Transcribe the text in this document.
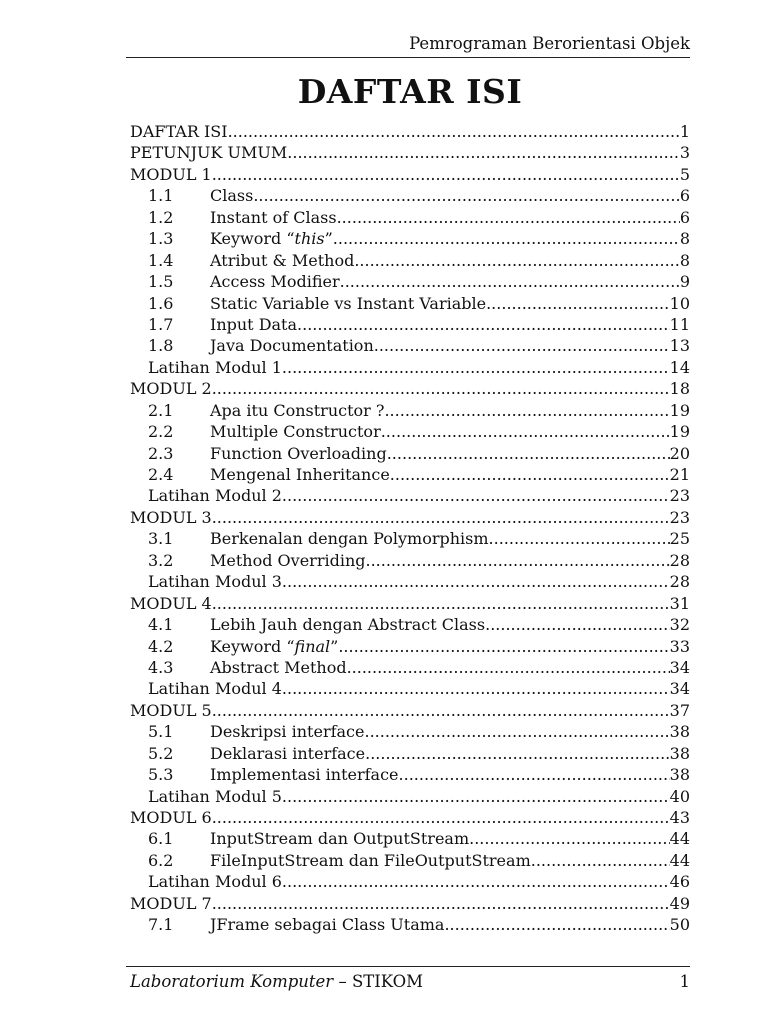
Pemrograman Berorientasi Objek
DAFTAR ISI
DAFTAR ISI .....	1
PETUNJUK UMUM .....	3
MODUL 1 .....	5
1.1	Class .....	6
1.2	Instant of Class .....	6
1.3	Keyword “this” .....	8
1.4	Atribut & Method .....	8
1.5	Access Modifier .....	9
1.6	Static Variable vs Instant Variable .....	10
1.7	Input Data .....	11
1.8	Java Documentation .....	13
Latihan Modul 1 .....	14
MODUL 2 .....	18
2.1	Apa itu Constructor ? .....	19
2.2	Multiple Constructor .....	19
2.3	Function Overloading .....	20
2.4	Mengenal Inheritance .....	21
Latihan Modul 2 .....	23
MODUL 3 .....	23
3.1	Berkenalan dengan Polymorphism .....	25
3.2	Method Overriding .....	28
Latihan Modul 3 .....	28
MODUL 4 .....	31
4.1	Lebih Jauh dengan Abstract Class .....	32
4.2	Keyword “final” .....	33
4.3	Abstract Method .....	34
Latihan Modul 4 .....	34
MODUL 5 .....	37
5.1	Deskripsi interface .....	38
5.2	Deklarasi interface .....	38
5.3	Implementasi interface .....	38
Latihan Modul 5 .....	40
MODUL 6 .....	43
6.1	InputStream dan OutputStream .....	44
6.2	FileInputStream dan FileOutputStream .....	44
Latihan Modul 6 .....	46
MODUL 7 .....	49
7.1	JFrame sebagai Class Utama .....	50
Laboratorium Komputer – STIKOM	1
